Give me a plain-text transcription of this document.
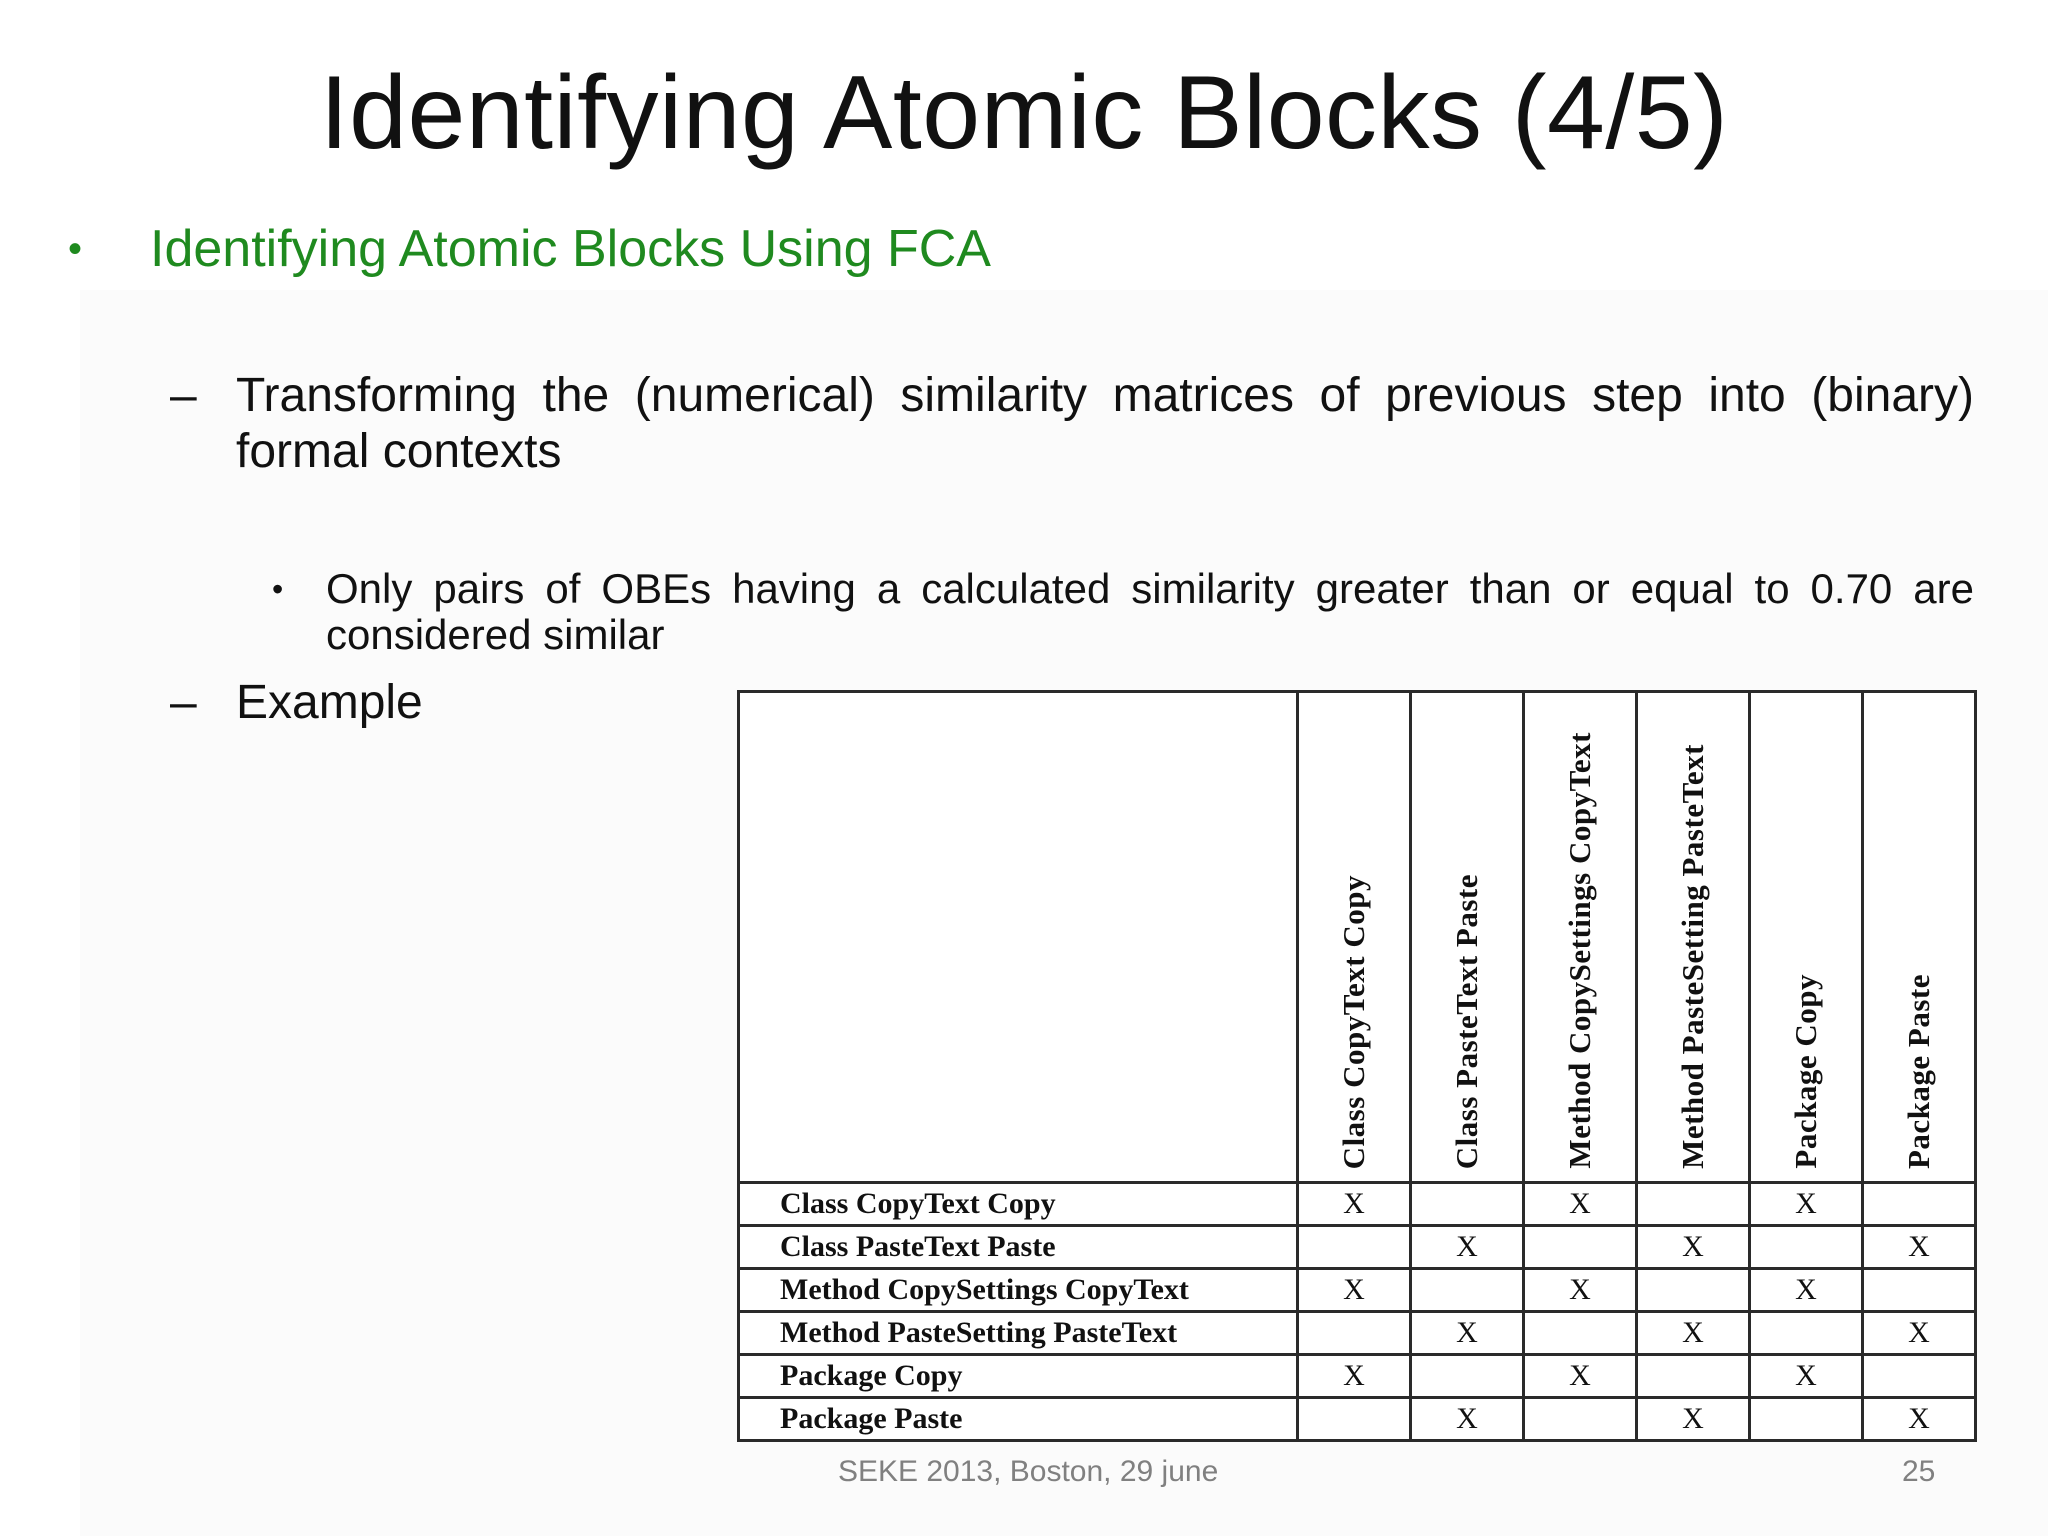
Identifying Atomic Blocks (4/5)
•	Identifying Atomic Blocks Using FCA
– Transforming the (numerical) similarity matrices of previous step into (binary) formal contexts
• Only pairs of OBEs having a calculated similarity greater than or equal to 0.70 are considered similar
– Example

	Class CopyText Copy	Class PasteText Paste	Method CopySettings CopyText	Method PasteSetting PasteText	Package Copy	Package Paste

Class CopyText Copy	X		X		X	
Class PasteText Paste		X		X		X
Method CopySettings CopyText	X		X		X	
Method PasteSetting PasteText		X		X		X
Package Copy	X		X		X	
Package Paste		X		X		X
SEKE 2013, Boston, 29 june	25
